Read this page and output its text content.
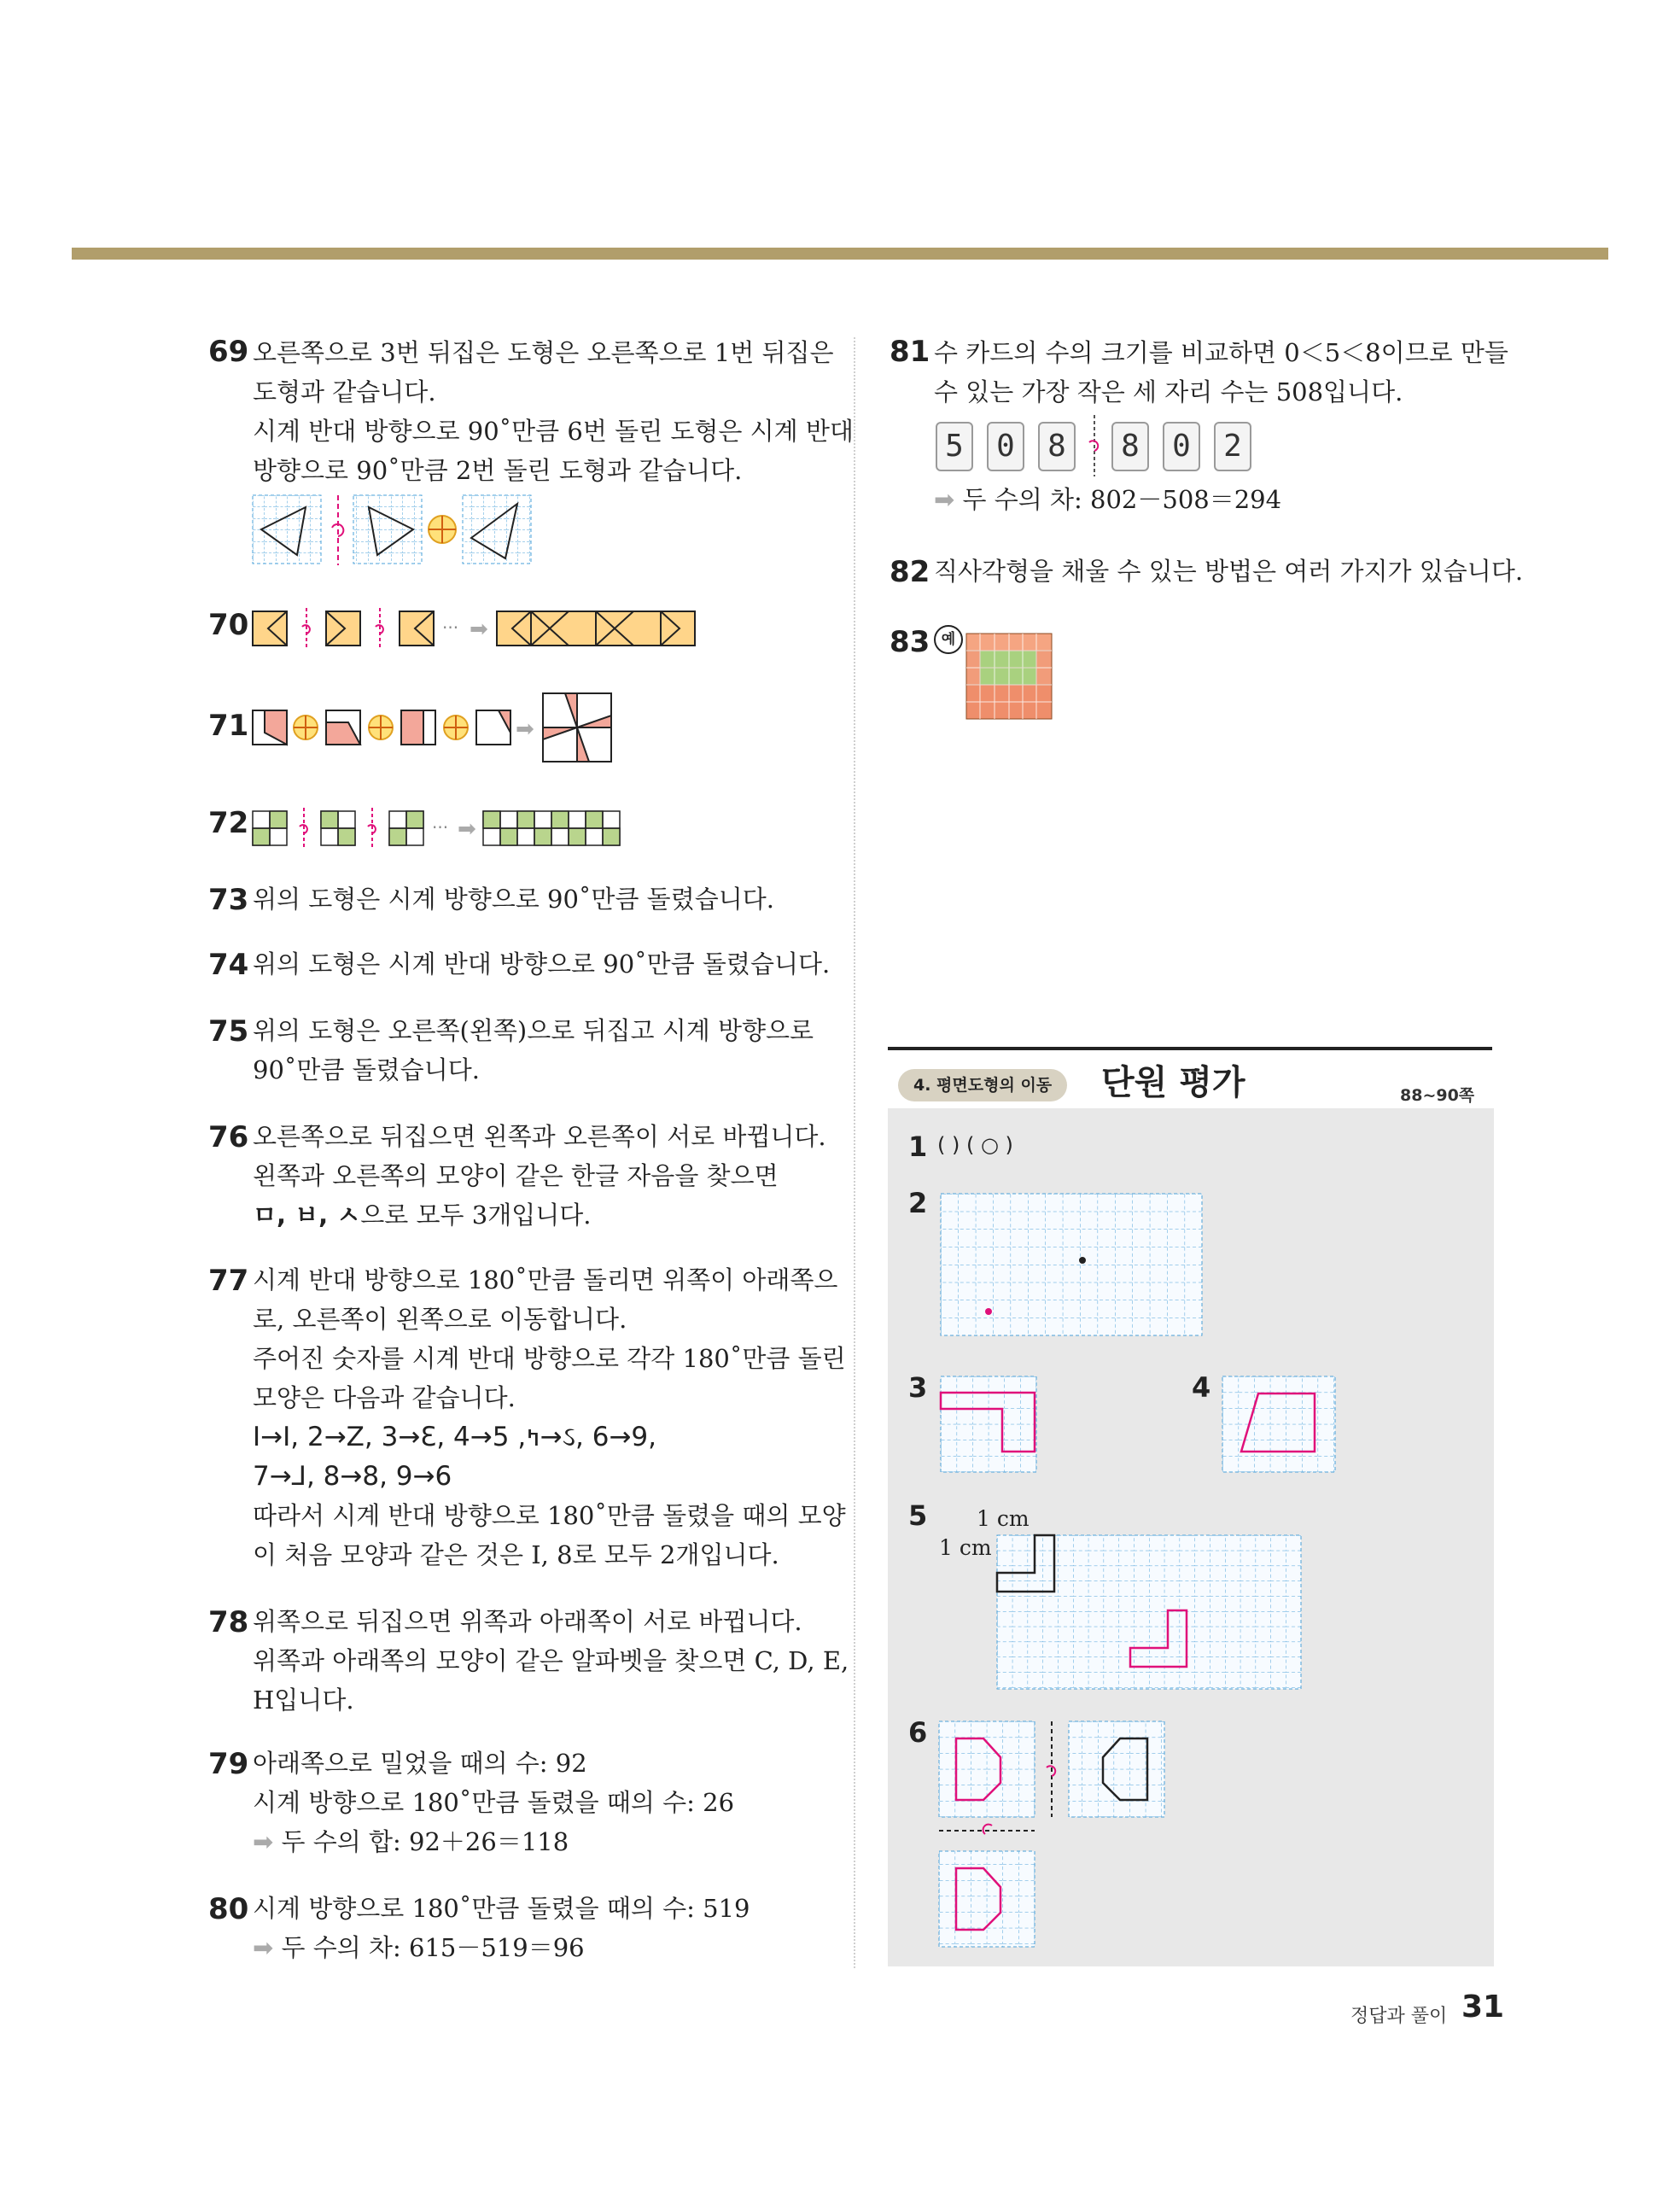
69 오른쪽으로 3번 뒤집은 도형은 오른쪽으로 1번 뒤집은
도형과 같습니다.
시계 반대 방향으로 90˚만큼 6번 돌린 도형은 시계 반대
방향으로 90˚만큼 2번 돌린 도형과 같습니다.
70	··· ➡
71	➡
72	··· ➡
73 위의 도형은 시계 방향으로 90˚만큼 돌렸습니다.
74 위의 도형은 시계 반대 방향으로 90˚만큼 돌렸습니다.
75 위의 도형은 오른쪽(왼쪽)으로 뒤집고 시계 방향으로
90˚만큼 돌렸습니다.
76 오른쪽으로 뒤집으면 왼쪽과 오른쪽이 서로 바뀝니다.
왼쪽과 오른쪽의 모양이 같은 한글 자음을 찾으면
ㅁ, ㅂ, ㅅ으로 모두 3개입니다.
77 시계 반대 방향으로 180˚만큼 돌리면 위쪽이 아래쪽으
로, 오른쪽이 왼쪽으로 이동합니다.
주어진 숫자를 시계 반대 방향으로 각각 180˚만큼 돌린
모양은 다음과 같습니다.
I→I, 2→Z, 3→Ɛ, 4→ߤ, 5→ઽ, 6→9,
7→⅃, 8→8, 9→6
따라서 시계 반대 방향으로 180˚만큼 돌렸을 때의 모양
이 처음 모양과 같은 것은 I, 8로 모두 2개입니다.
78 위쪽으로 뒤집으면 위쪽과 아래쪽이 서로 바뀝니다.
위쪽과 아래쪽의 모양이 같은 알파벳을 찾으면 C, D, E,
H입니다.
79 아래쪽으로 밀었을 때의 수: 92
시계 방향으로 180˚만큼 돌렸을 때의 수: 26
➡ 두 수의 합: 92＋26＝118
80 시계 방향으로 180˚만큼 돌렸을 때의 수: 519
➡ 두 수의 차: 615－519＝96
81 수 카드의 수의 크기를 비교하면 0＜5＜8이므로 만들
수 있는 가장 작은 세 자리 수는 508입니다.
5	0	8	8	0	2
➡ 두 수의 차: 802－508＝294
82 직사각형을 채울 수 있는 방법은 여러 가지가 있습니다.
83 예
4. 평면도형의 이동	단원 평가	88~90쪽
1 ( ) ( ○ )
2
3	4
5 1 cm
1 cm
6
정답과 풀이 31
